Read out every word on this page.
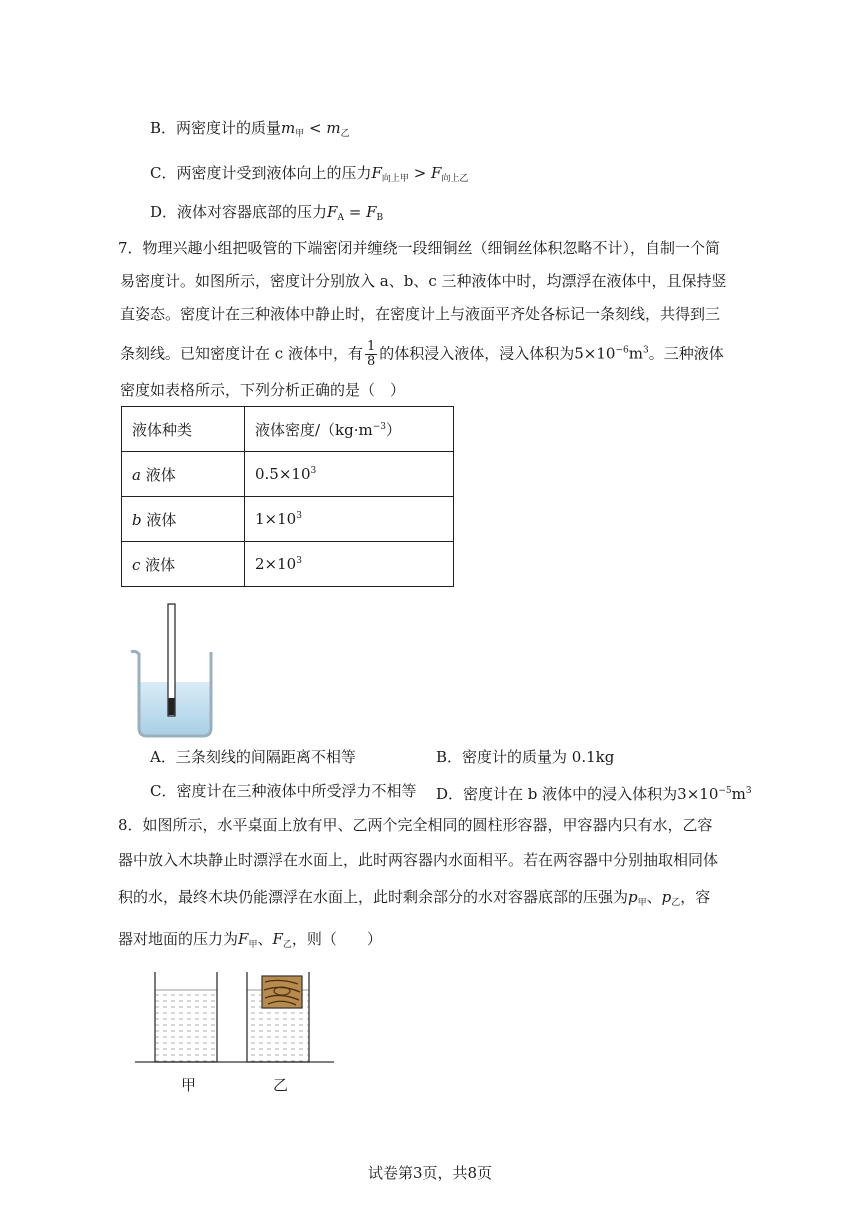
B．两密度计的质量$m_甲 < m_乙$
C．两密度计受到液体向上的压力$F_{向上甲} > F_{向上乙}$
D．液体对容器底部的压力$F_A = F_B$
7．物理兴趣小组把吸管的下端密闭并缠绕一段细铜丝（细铜丝体积忽略不计），自制一个简
易密度计。如图所示，密度计分别放入 a、b、c 三种液体中时，均漂浮在液体中，且保持竖
直姿态。密度计在三种液体中静止时，在密度计上与液面平齐处各标记一条刻线，共得到三
条刻线。已知密度计在 c 液体中，有 $\frac{1}{8}$ 的体积浸入液体，浸入体积为$5\times 10^{-6}m^3$。三种液体
密度如表格所示，下列分析正确的是（　）
液体种类	液体密度$/(kg\cdot m^{-3})$
a 液体	$0.5\times 10^3$
b 液体	$1\times 10^3$
c 液体	$2\times 10^3$
A．三条刻线的间隔距离不相等	B．密度计的质量为 0.1kg
C．密度计在三种液体中所受浮力不相等 D．密度计在 b 液体中的浸入体积为$3\times 10^{-5}m^3$
8．如图所示，水平桌面上放有甲、乙两个完全相同的圆柱形容器，甲容器内只有水，乙容
器中放入木块静止时漂浮在水面上，此时两容器内水面相平。若在两容器中分别抽取相同体
积的水，最终木块仍能漂浮在水面上，此时剩余部分的水对容器底部的压强为$p_甲$、$p_乙$，容
器对地面的压力为$F_甲$、$F_乙$，则（　　）
甲	乙
试卷第3页，共8页
